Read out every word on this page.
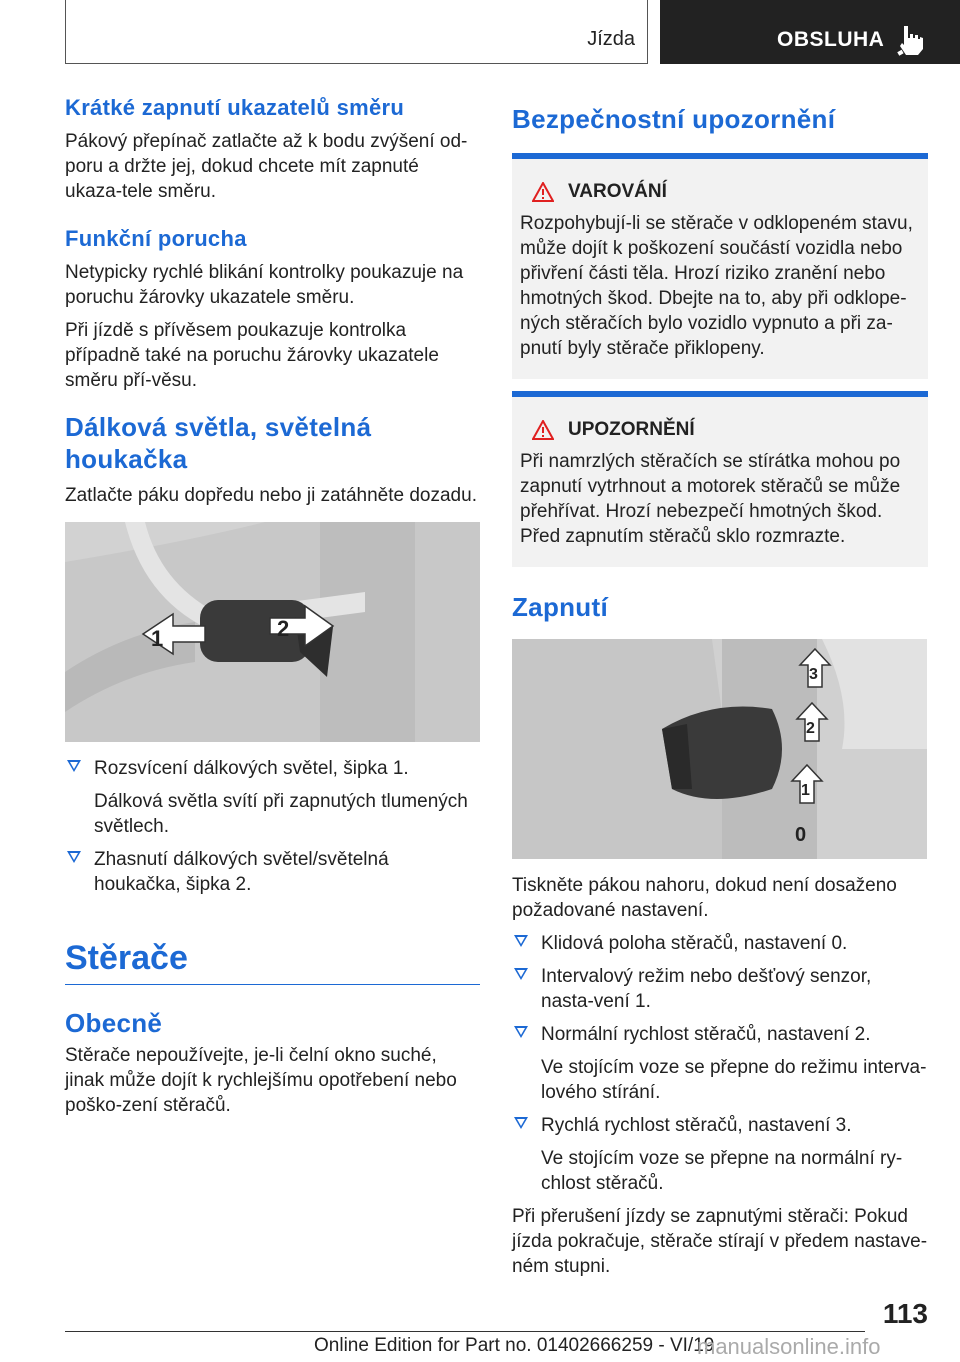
Jízda	OBSLUHA
Krátké zapnutí ukazatelů směru

Pákový přepínač zatlačte až k bodu zvýšení od-poru a držte jej, dokud chcete mít zapnuté ukaza-tele směru.

Funkční porucha

Netypicky rychlé blikání kontrolky poukazuje na poruchu žárovky ukazatele směru.

Při jízdě s přívěsem poukazuje kontrolka případně také na poruchu žárovky ukazatele směru pří-věsu.

Dálková světla, světelná houkačka

Zatlačte páku dopředu nebo ji zatáhněte dozadu.

1	2
Rozsvícení dálkových světel, šipka 1.
Dálková světla svítí při zapnutých tlumených světlech.
Zhasnutí dálkových světel/světelná houkačka, šipka 2.
Stěrače
Obecně

Stěrače nepoužívejte, je-li čelní okno suché, jinak může dojít k rychlejšímu opotřebení nebo poško-zení stěračů.

Bezpečnostní upozornění
VAROVÁNÍ

Rozpohybují-li se stěrače v odklopeném stavu, může dojít k poškození součástí vozidla nebo přivření části těla. Hrozí riziko zranění nebo hmotných škod. Dbejte na to, aby při odklope-ných stěračích bylo vozidlo vypnuto a při za-pnutí byly stěrače přiklopeny.

UPOZORNĚNÍ

Při namrzlých stěračích se stírátka mohou po zapnutí vytrhnout a motorek stěračů se může přehřívat. Hrozí nebezpečí hmotných škod. Před zapnutím stěračů sklo rozmrazte.

Zapnutí
3
2
1
0

Tiskněte pákou nahoru, dokud není dosaženo požadované nastavení.

Klidová poloha stěračů, nastavení 0.
Intervalový režim nebo dešťový senzor, nasta-vení 1.
Normální rychlost stěračů, nastavení 2.
Ve stojícím voze se přepne do režimu interva-lového stírání.
Rychlá rychlost stěračů, nastavení 3.
Ve stojícím voze se přepne na normální ry-chlost stěračů.

Při přerušení jízdy se zapnutými stěrači: Pokud jízda pokračuje, stěrače stírají v předem nastave-ném stupni.

113
Online Edition for Part no. 01402666259 - VI/19
manualsonline.info
